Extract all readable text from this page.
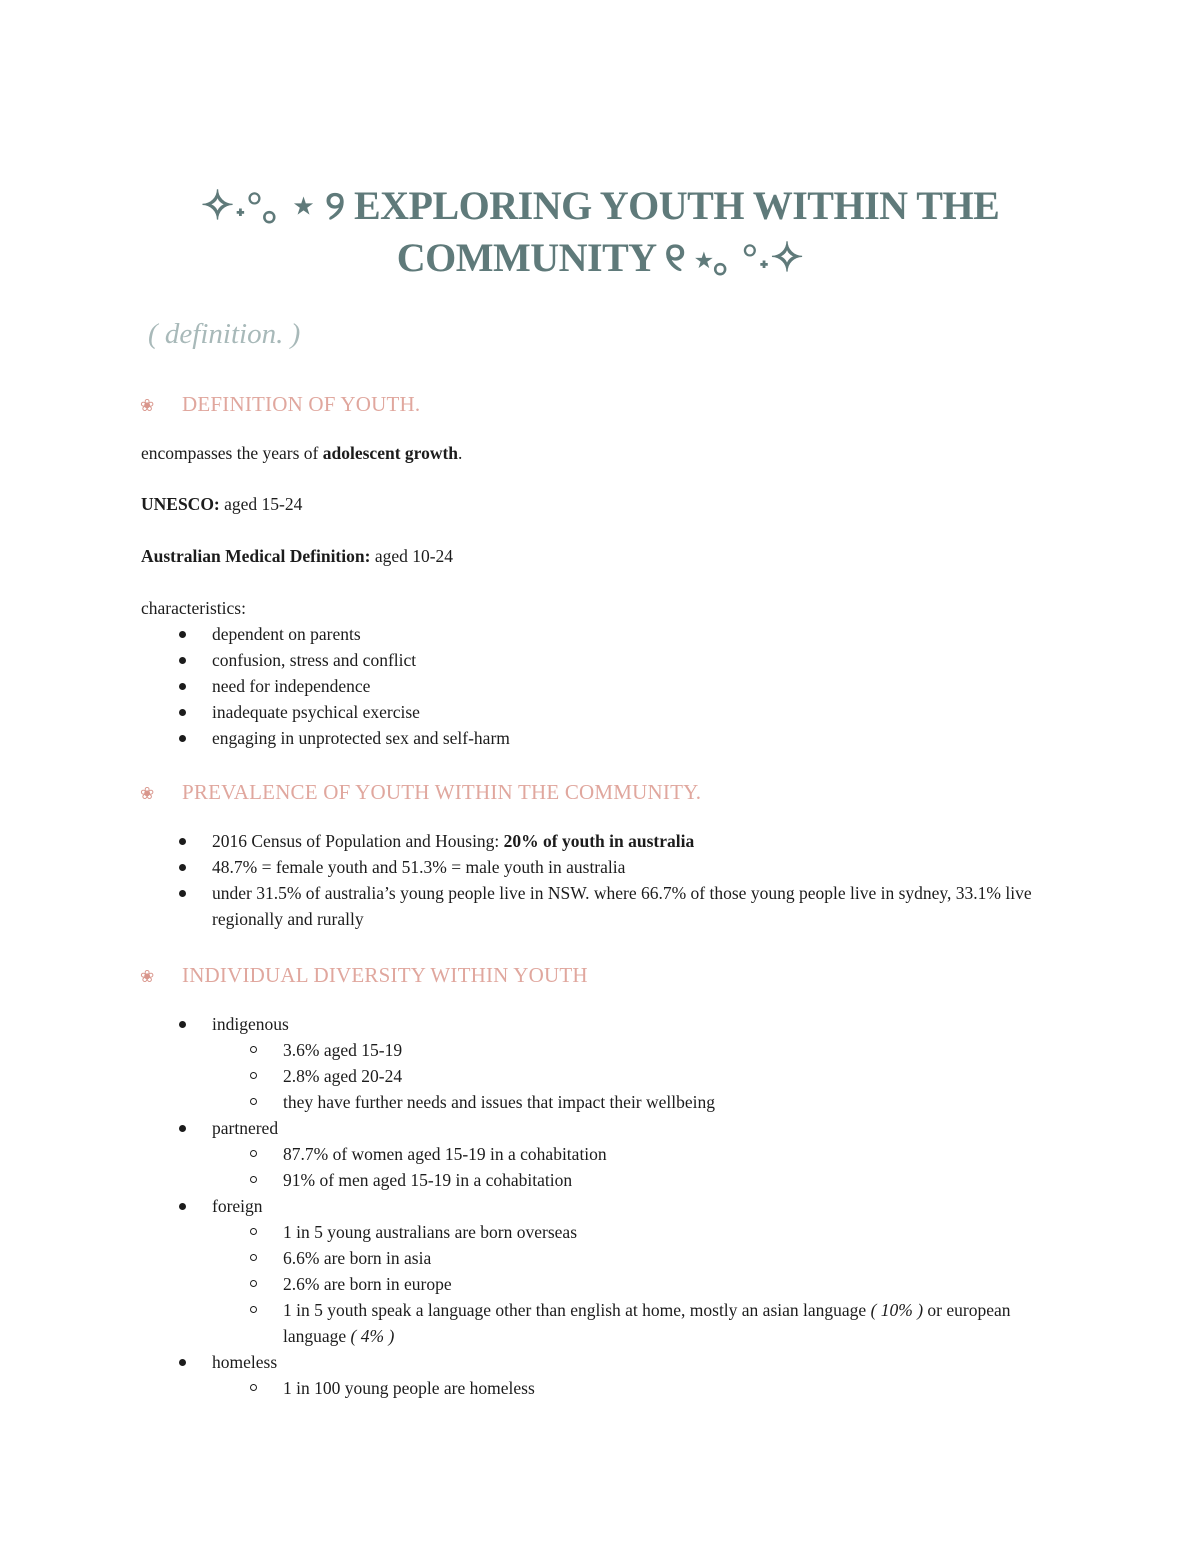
✧˖°｡ ⋆ ୨ EXPLORING YOUTH WITHIN THE
COMMUNITY ୧ ⋆｡ °˖✧
( definition. )
❀ DEFINITION OF YOUTH.
encompasses the years of adolescent growth.
UNESCO: aged 15-24
Australian Medical Definition: aged 10-24
characteristics:
dependent on parents
confusion, stress and conflict
need for independence
inadequate psychical exercise
engaging in unprotected sex and self-harm
❀ PREVALENCE OF YOUTH WITHIN THE COMMUNITY.
2016 Census of Population and Housing: 20% of youth in australia
48.7% = female youth and 51.3% = male youth in australia
under 31.5% of australia’s young people live in NSW. where 66.7% of those young people live in sydney, 33.1% live regionally and rurally
❀ INDIVIDUAL DIVERSITY WITHIN YOUTH
indigenous
3.6% aged 15-19
2.8% aged 20-24
they have further needs and issues that impact their wellbeing
partnered
87.7% of women aged 15-19 in a cohabitation
91% of men aged 15-19 in a cohabitation
foreign
1 in 5 young australians are born overseas
6.6% are born in asia
2.6% are born in europe
1 in 5 youth speak a language other than english at home, mostly an asian language ( 10% ) or european language ( 4% )
homeless
1 in 100 young people are homeless
